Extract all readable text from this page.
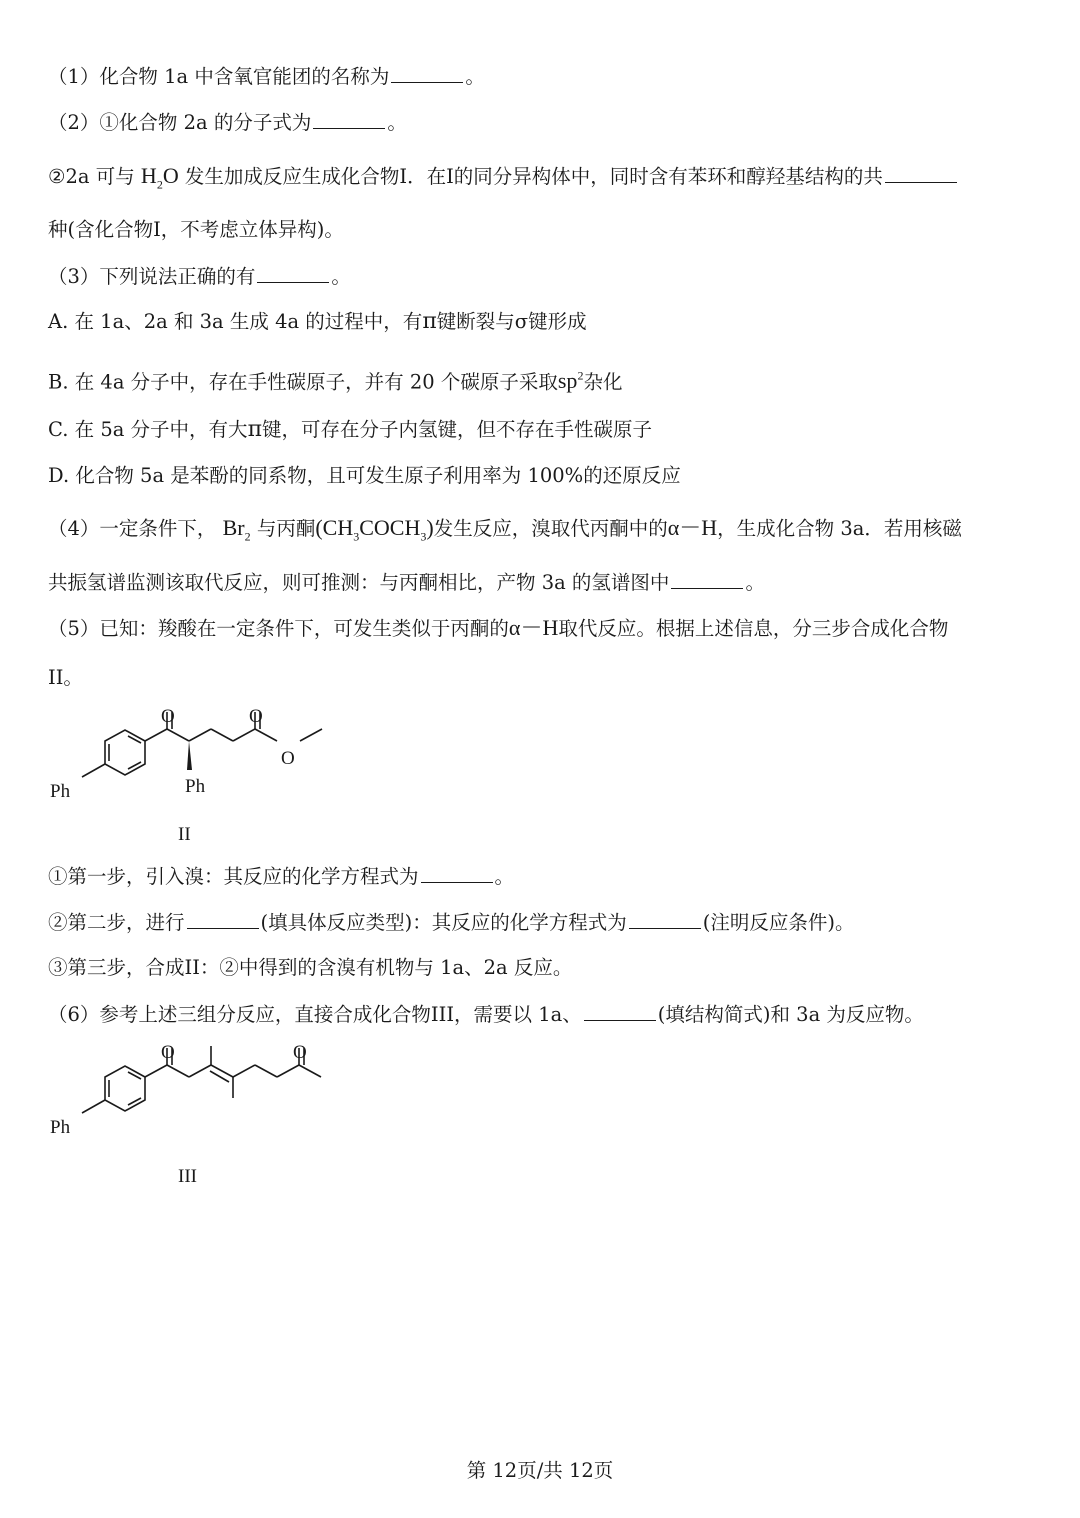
（1）化合物 1a 中含氧官能团的名称为	。
（2）①化合物 2a 的分子式为	。
②2a 可与 $H_2O$ 发生加成反应生成化合物I．在I的同分异构体中，同时含有苯环和醇羟基结构的共
种(含化合物I，不考虑立体异构)。
（3）下列说法正确的有	。
A. 在 1a、2a 和 3a 生成 4a 的过程中，有π键断裂与σ键形成
B. 在 4a 分子中，存在手性碳原子，并有 20 个碳原子采取$sp^2$杂化
C. 在 5a 分子中，有大π键，可存在分子内氢键，但不存在手性碳原子
D. 化合物 5a 是苯酚的同系物，且可发生原子利用率为 100%的还原反应
（4）一定条件下， $Br_2$ 与丙酮$(CH_3COCH_3)$发生反应，溴取代丙酮中的α－H，生成化合物 3a．若用核磁
共振氢谱监测该取代反应，则可推测：与丙酮相比，产物 3a 的氢谱图中	。
（5）已知：羧酸在一定条件下，可发生类似于丙酮的α－H取代反应。根据上述信息，分三步合成化合物
II。
O	O
O
Ph	Ph
II
①第一步，引入溴：其反应的化学方程式为	。
②第二步，进行	(填具体反应类型)：其反应的化学方程式为	(注明反应条件)。
③第三步，合成II：②中得到的含溴有机物与 1a、2a 反应。
（6）参考上述三组分反应，直接合成化合物III，需要以 1a、	(填结构简式)和 3a 为反应物。
O	O
Ph
III
第 12页/共 12页
